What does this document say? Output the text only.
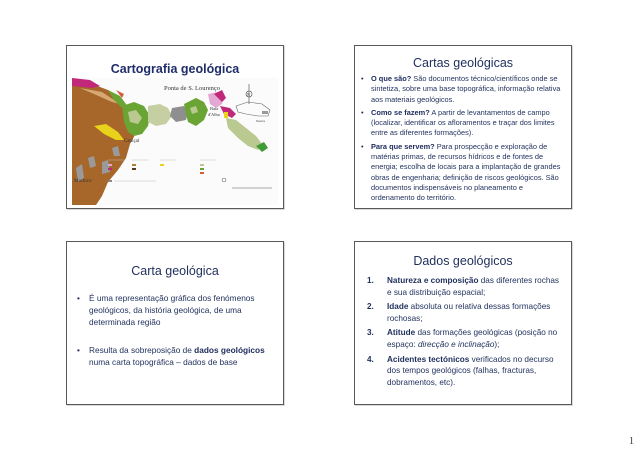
Cartografia geológica
N
Ponta de S. Lourenço
Baía
d'Alba
Caniçal
Machico
Madeira
Cartas geológicas
• O que são? São documentos técnico/científicos onde se sintetiza, sobre uma base topográfica, informação relativa aos materiais geológicos.
• Como se fazem? A partir de levantamentos de campo (localizar, identificar os afloramentos e traçar dos limites entre as diferentes formações).
• Para que servem? Para prospecção e exploração de matérias primas, de recursos hídricos e de fontes de energia; escolha de locais para a implantação de grandes obras de engenharia; definição de riscos geológicos. São documentos indispensáveis no planeamento e ordenamento do território.
Carta geológica
• É uma representação gráfica dos fenómenos geológicos, da história geológica, de uma determinada região
• Resulta da sobreposição de dados geológicos numa carta topográfica – dados de base
Dados geológicos
1. Natureza e composição das diferentes rochas e sua distribuição espacial;
2. Idade absoluta ou relativa dessas formações rochosas;
3. Atitude das formações geológicas (posição no espaço: direcção e inclinação);
4. Acidentes tectónicos verificados no decurso dos tempos geológicos (falhas, fracturas, dobramentos, etc).
1
